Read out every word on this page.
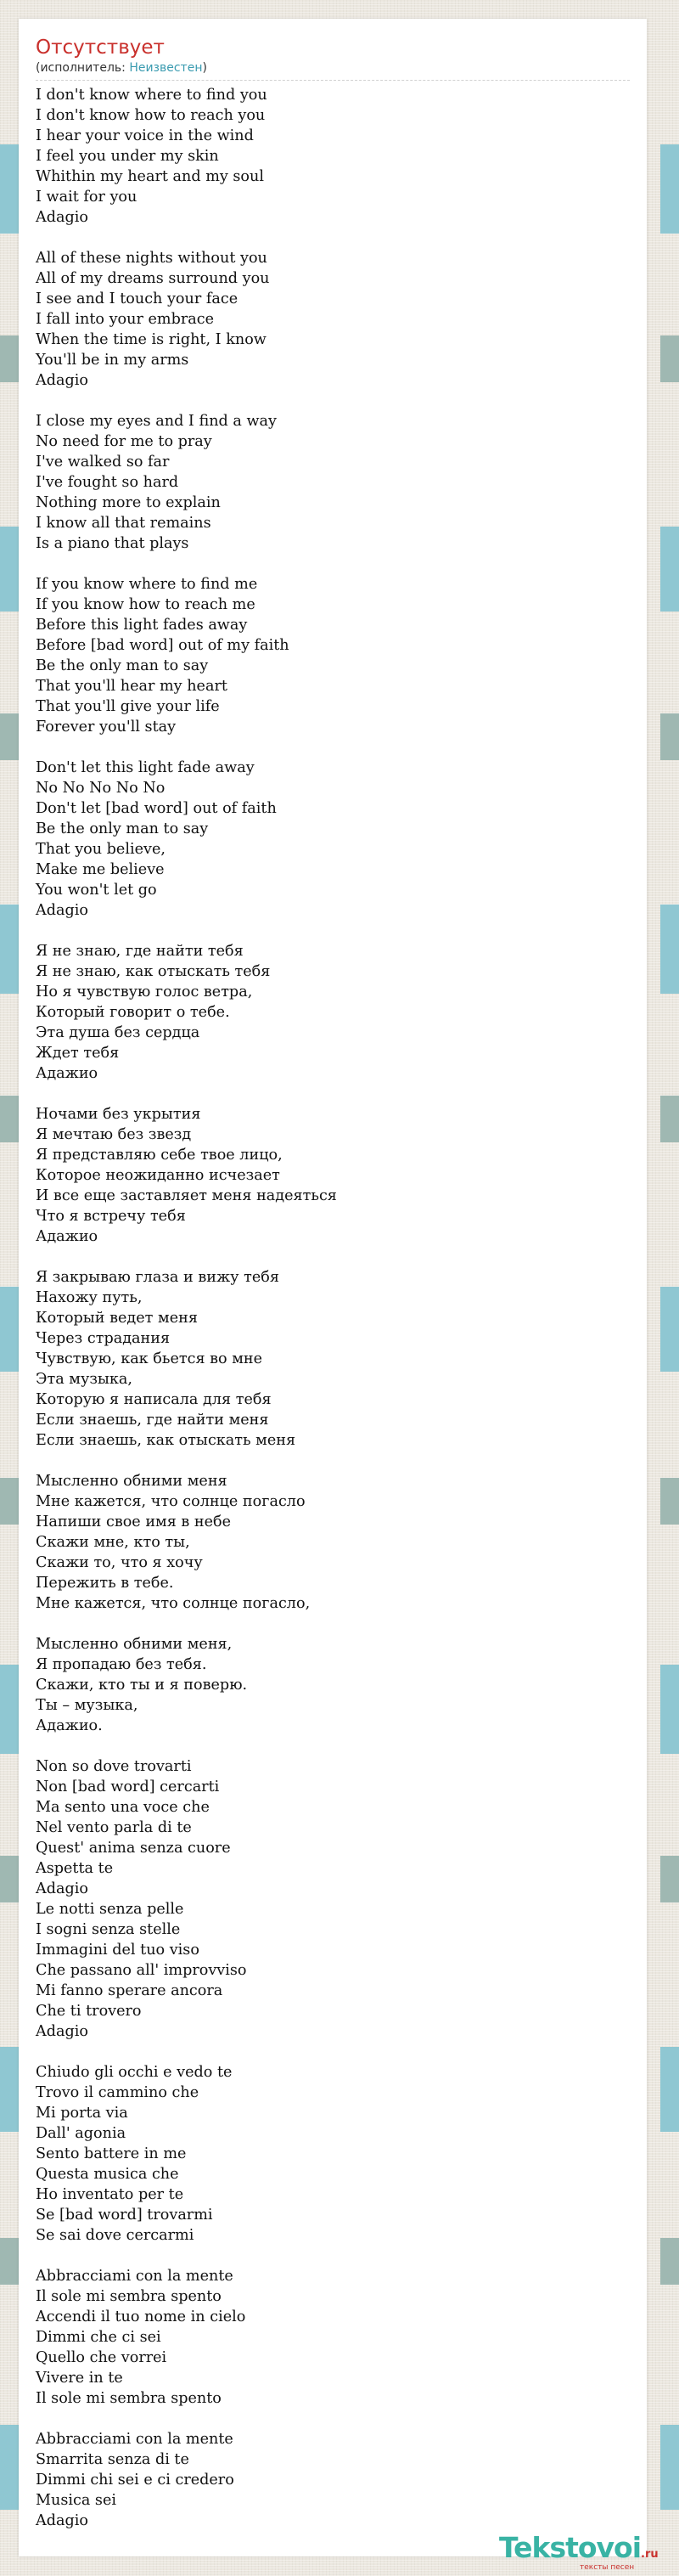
Отсутствует
(исполнитель: Неизвестен)
I don't know where to find you
I don't know how to reach you
I hear your voice in the wind
I feel you under my skin
Whithin my heart and my soul
I wait for you
Adagio
All of these nights without you
All of my dreams surround you
I see and I touch your face
I fall into your embrace
When the time is right, I know
You'll be in my arms
Adagio
I close my eyes and I find a way
No need for me to pray
I've walked so far
I've fought so hard
Nothing more to explain
I know all that remains
Is a piano that plays
If you know where to find me
If you know how to reach me
Before this light fades away
Before [bad word] out of my faith
Be the only man to say
That you'll hear my heart
That you'll give your life
Forever you'll stay
Don't let this light fade away
No No No No No
Don't let [bad word] out of faith
Be the only man to say
That you believe,
Make me believe
You won't let go
Adagio
Я не знаю, где найти тебя
Я не знаю, как отыскать тебя
Но я чувствую голос ветра,
Который говорит о тебе.
Эта душа без сердца
Ждет тебя
Адажио
Ночами без укрытия
Я мечтаю без звезд
Я представляю себе твое лицо,
Которое неожиданно исчезает
И все еще заставляет меня надеяться
Что я встречу тебя
Адажио
Я закрываю глаза и вижу тебя
Нахожу путь,
Который ведет меня
Через страдания
Чувствую, как бьется во мне
Эта музыка,
Которую я написала для тебя
Если знаешь, где найти меня
Если знаешь, как отыскать меня
Мысленно обними меня
Мне кажется, что солнце погасло
Напиши свое имя в небе
Скажи мне, кто ты,
Скажи то, что я хочу
Пережить в тебе.
Мне кажется, что солнце погасло,
Мысленно обними меня,
Я пропадаю без тебя.
Скажи, кто ты и я поверю.
Ты – музыка,
Адажио.
Non so dove trovarti
Non [bad word] cercarti
Ma sento una voce che
Nel vento parla di te
Quest' anima senza cuore
Aspetta te
Adagio
Le notti senza pelle
I sogni senza stelle
Immagini del tuo viso
Che passano all' improvviso
Mi fanno sperare ancora
Che ti trovero
Adagio
Chiudo gli occhi e vedo te
Trovo il cammino che
Mi porta via
Dall' agonia
Sento battere in me
Questa musica che
Ho inventato per te
Se [bad word] trovarmi
Se sai dove cercarmi
Abbracciami con la mente
Il sole mi sembra spento
Accendi il tuo nome in cielo
Dimmi che ci sei
Quello che vorrei
Vivere in te
Il sole mi sembra spento
Abbracciami con la mente
Smarrita senza di te
Dimmi chi sei e ci credero
Musica sei
Adagio
Tekstovoi.ru
тексты песен
